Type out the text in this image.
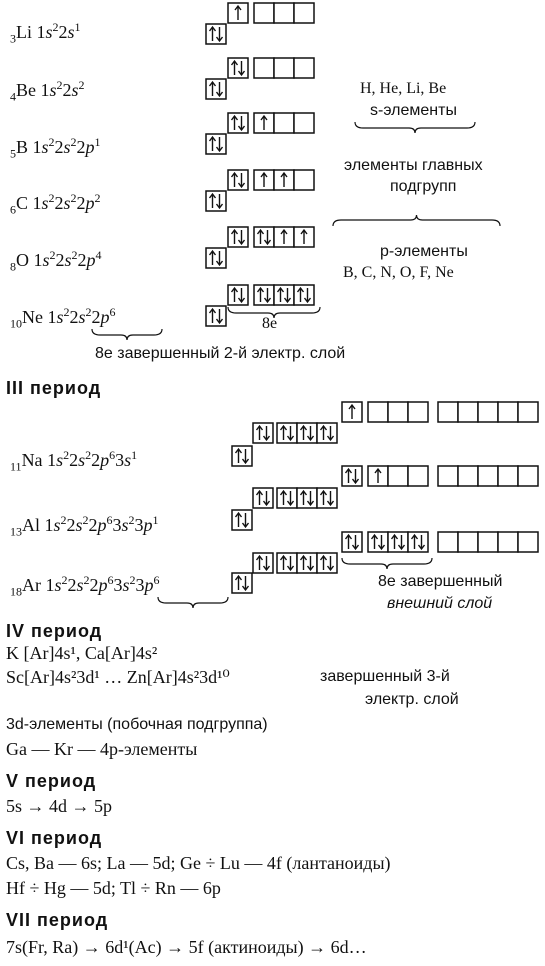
$_3$Li $1s^22s^1$
$_4$Be $1s^22s^2$
$_5$B $1s^22s^22p^1$
$_6$C $1s^22s^22p^2$
$_8$O $1s^22s^22p^4$
$_{10}$Ne $1s^22s^22p^6$
H, He, Li, Be
s-элементы
элементы главных
подгрупп
p-элементы
B, C, N, O, F, Ne
8e
8e завершенный 2-й электр. слой
III период
$_{11}$Na $1s^22s^22p^63s^1$
$_{13}$Al $1s^22s^22p^63s^23p^1$
$_{18}$Ar $1s^22s^22p^63s^23p^6$	8e завершенный
внешний слой
IV период
K [Ar]4s¹, Ca[Ar]4s²
Sc[Ar]4s²3d¹ … Zn[Ar]4s²3d¹⁰	завершенный 3-й
электр. слой
3d-элементы (побочная подгруппа)
Ga — Kr — 4p-элементы
V период
5s → 4d → 5p
VI период
Cs, Ba — 6s; La — 5d; Ge ÷ Lu — 4f (лантаноиды)
Hf ÷ Hg — 5d; Tl ÷ Rn — 6p
VII период
7s(Fr, Ra) → 6d¹(Ac) → 5f (актиноиды) → 6d…
